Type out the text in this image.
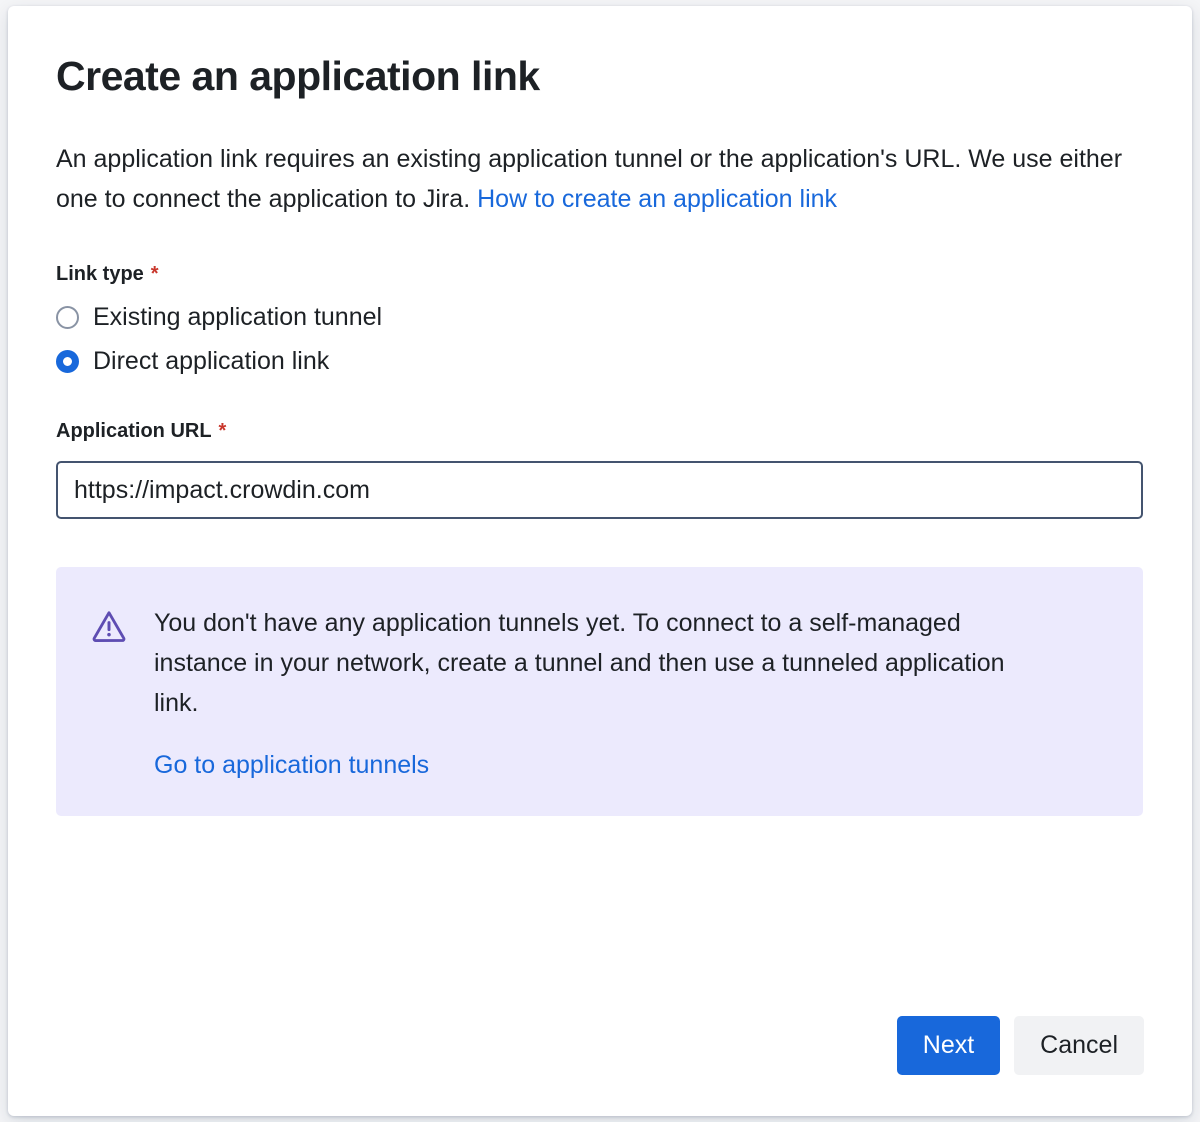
Create an application link

An application link requires an existing application tunnel or the application's URL. We use either one to connect the application to Jira. How to create an application link

Link type *
Existing application tunnel
Direct application link
Application URL *
https://impact.crowdin.com
You don't have any application tunnels yet. To connect to a self-managed instance in your network, create a tunnel and then use a tunneled application link.
Go to application tunnels
Next	Cancel
